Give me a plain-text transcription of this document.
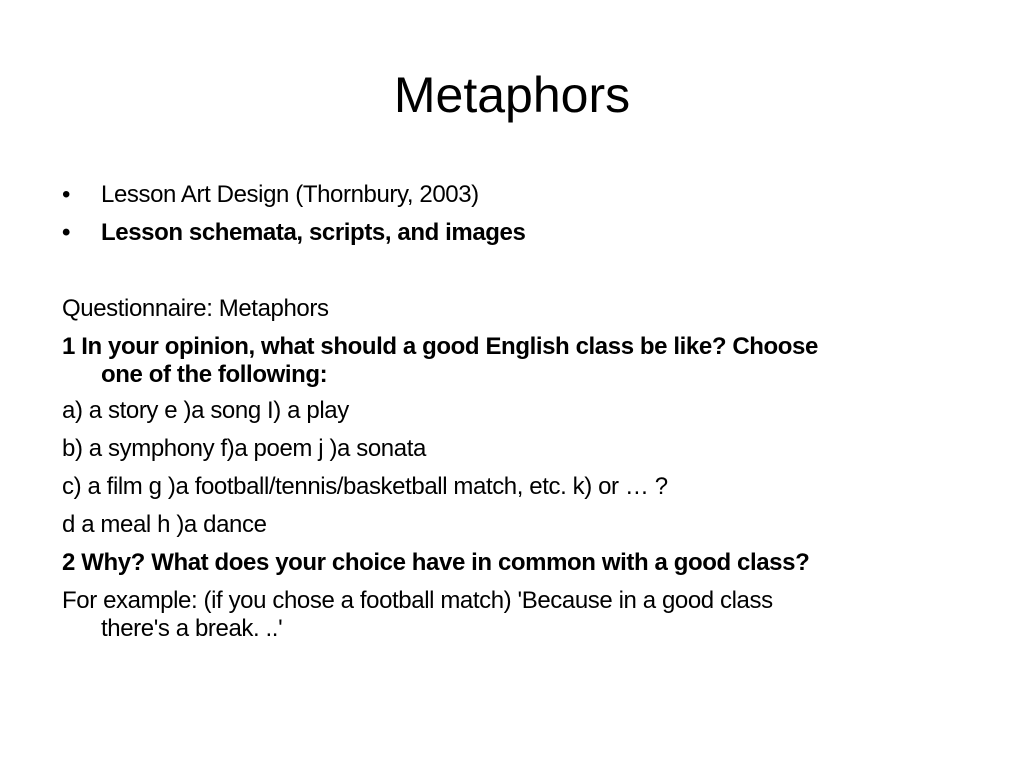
Metaphors
•	Lesson Art Design (Thornbury, 2003)
•	Lesson schemata, scripts, and images
Questionnaire: Metaphors
1 In your opinion, what should a good English class be like? Choose
one of the following:
a) a story e )a song I) a play
b) a symphony f)a poem j )a sonata
c) a film g )a football/tennis/basketball match, etc. k) or … ?
d a meal h )a dance
2 Why? What does your choice have in common with a good class?
For example: (if you chose a football match) 'Because in a good class
there's a break. ..'
